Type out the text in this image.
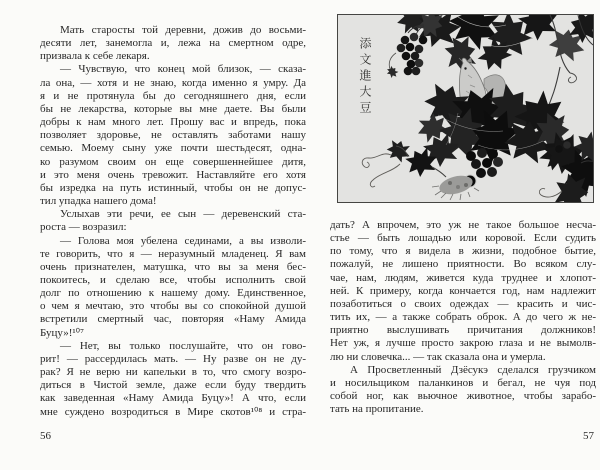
Мать старосты той деревни, дожив до восьми-
десяти лет, занемогла и, лежа на смертном одре,
призвала к себе лекаря.
— Чувствую, что конец мой близок, — сказа-
ла она, — хотя и не знаю, когда именно я умру. Да
я и не протянула бы до сегодняшнего дня, если
бы не лекарства, которые вы мне даете. Вы были
добры к нам много лет. Прошу вас и впредь, пока
позволяет здоровье, не оставлять заботами нашу
семью. Моему сыну уже почти шестьдесят, одна-
ко разумом своим он еще совершеннейшее дитя,
и это меня очень тревожит. Наставляйте его хотя
бы изредка на путь истинный, чтобы он не допус-
тил упадка нашего дома!
Услыхав эти речи, ее сын — деревенский ста-
роста — возразил:
— Голова моя убелена сединами, а вы изволи-
те говорить, что я — неразумный младенец. Я вам
очень признателен, матушка, что вы за меня бес-
покоитесь, и сделаю все, чтобы исполнить свой
долг по отношению к нашему дому. Единственное,
о чем я мечтаю, это чтобы вы со спокойной душой
встретили смертный час, повторяя «Наму Амида
Буцу»!¹⁰⁷
— Нет, вы только послушайте, что он гово-
рит! — рассердилась мать. — Ну разве он не ду-
рак? Я не верю ни капельки в то, что смогу возро-
диться в Чистой земле, даже если буду твердить
как заведенная «Наму Амида Буцу»! А что, если
мне суждено возродиться в Мире скотов¹⁰⁸ и стра-
дать? А впрочем, это уж не такое большое несча-
стье — быть лошадью или коровой. Если судить
по тому, что я видела в жизни, подобное бытие,
пожалуй, не лишено приятности. Во всяком слу-
чае, нам, людям, живется куда труднее и хлопот-
ней. К примеру, когда кончается год, нам надлежит
позаботиться о своих одеждах — красить и чис-
тить их, — а также собрать оброк. А до чего ж не-
приятно выслушивать причитания должников!
Нет уж, я лучше просто закрою глаза и не вымолв-
лю ни словечка... — так сказала она и умерла.
А Просветленный Дзёсукэ сделался грузчиком
и носильщиком паланкинов и бегал, не чуя под
собой ног, как вьючное животное, чтобы зарабо-
тать на пропитание.
56	57
添文進大豆
